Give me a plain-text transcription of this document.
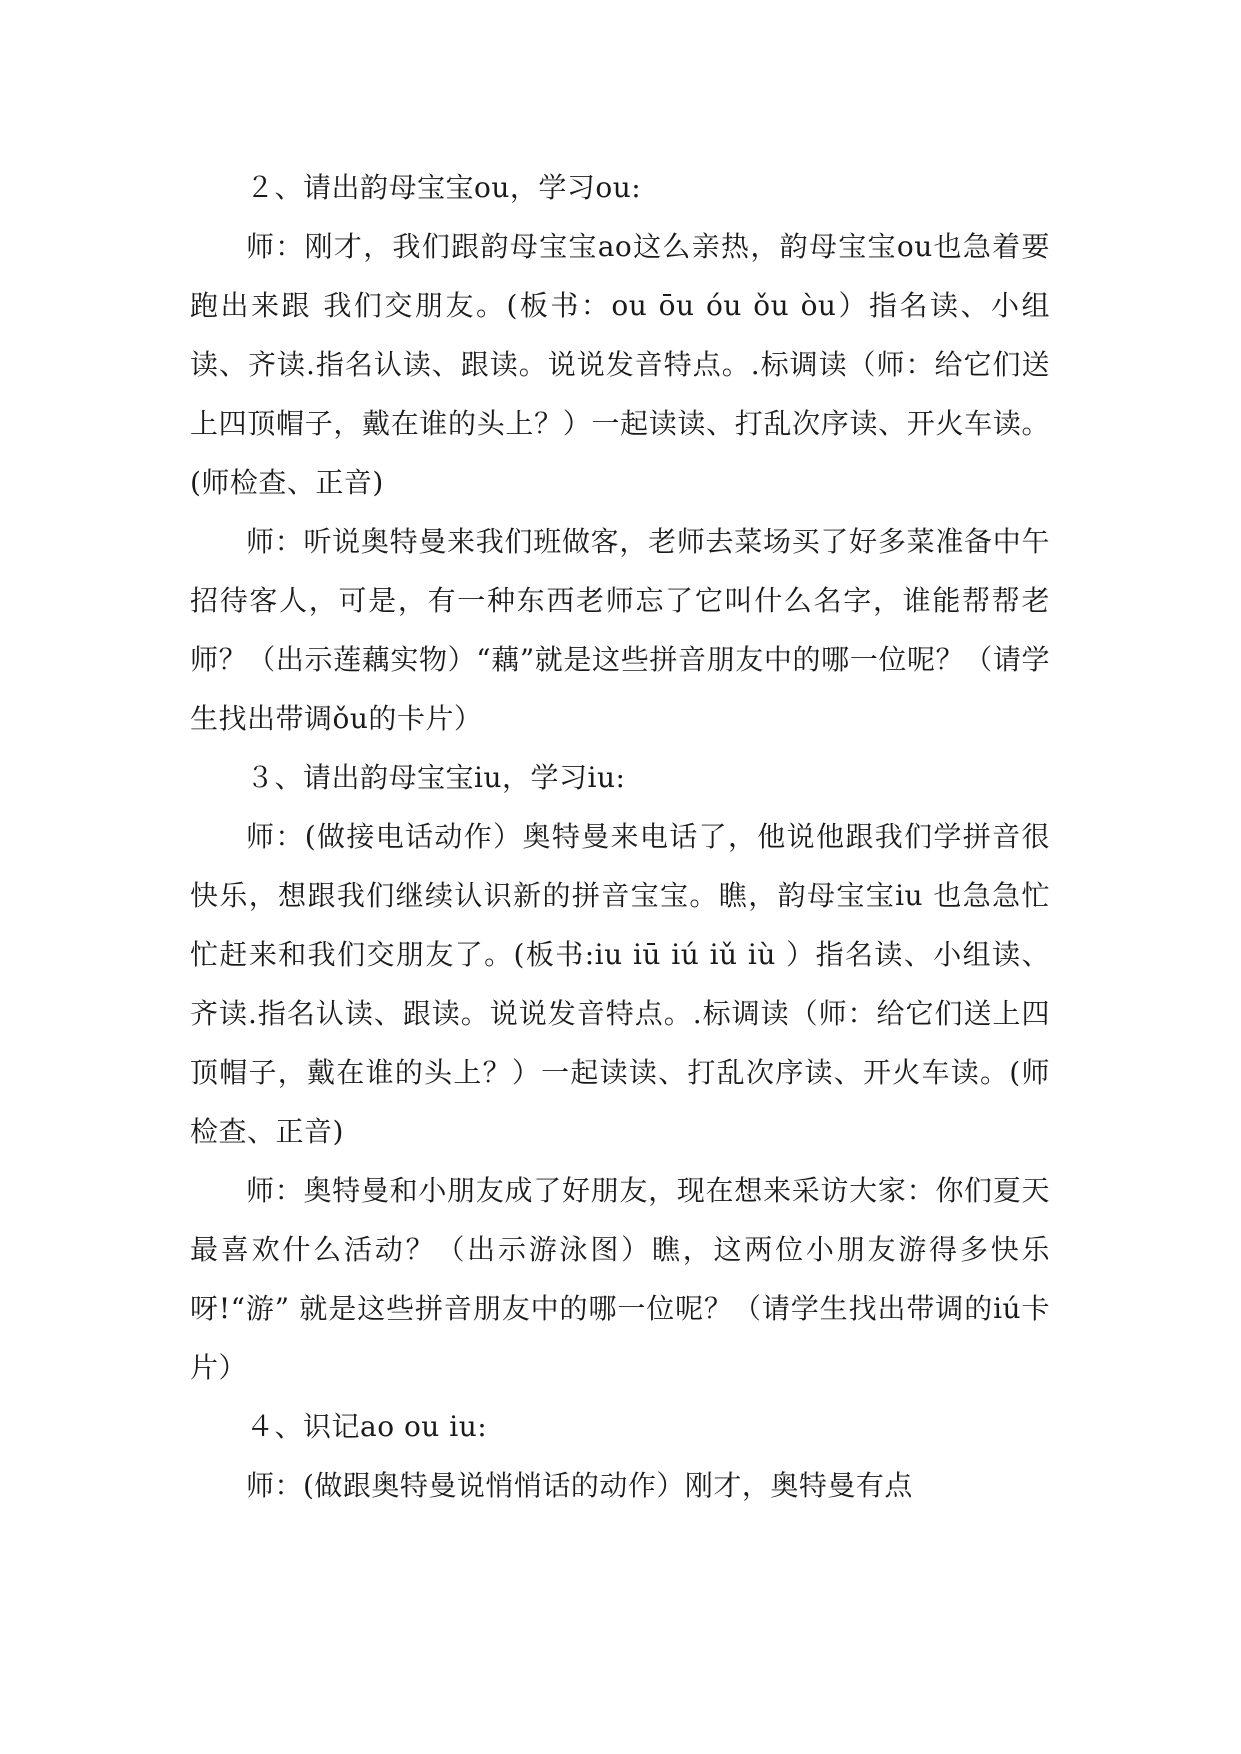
２、请出韵母宝宝ou，学习ou:

师：刚才，我们跟韵母宝宝ao这么亲热，韵母宝宝ou也急着要跑出来跟 我们交朋友。(板书：ou ōu óu ǒu òu）指名读、小组读、齐读.指名认读、跟读。说说发音特点。.标调读（师：给它们送上四顶帽子，戴在谁的头上？）一起读读、打乱次序读、开火车读。(师检查、正音)

师：听说奥特曼来我们班做客，老师去菜场买了好多菜准备中午招待客人，可是，有一种东西老师忘了它叫什么名字，谁能帮帮老师？（出示莲藕实物）“藕”就是这些拼音朋友中的哪一位呢？（请学生找出带调ǒu的卡片）

３、请出韵母宝宝iu，学习iu:

师：(做接电话动作）奥特曼来电话了，他说他跟我们学拼音很快乐，想跟我们继续认识新的拼音宝宝。瞧，韵母宝宝iu 也急急忙忙赶来和我们交朋友了。(板书:iu iū iú iǔ iù ）指名读、小组读、齐读.指名认读、跟读。说说发音特点。.标调读（师：给它们送上四顶帽子，戴在谁的头上？）一起读读、打乱次序读、开火车读。(师检查、正音)

师：奥特曼和小朋友成了好朋友，现在想来采访大家：你们夏天最喜欢什么活动？（出示游泳图）瞧，这两位小朋友游得多快乐呀!“游” 就是这些拼音朋友中的哪一位呢？（请学生找出带调的iú卡片）

４、识记ao ou iu:

师：(做跟奥特曼说悄悄话的动作）刚才，奥特曼有点
